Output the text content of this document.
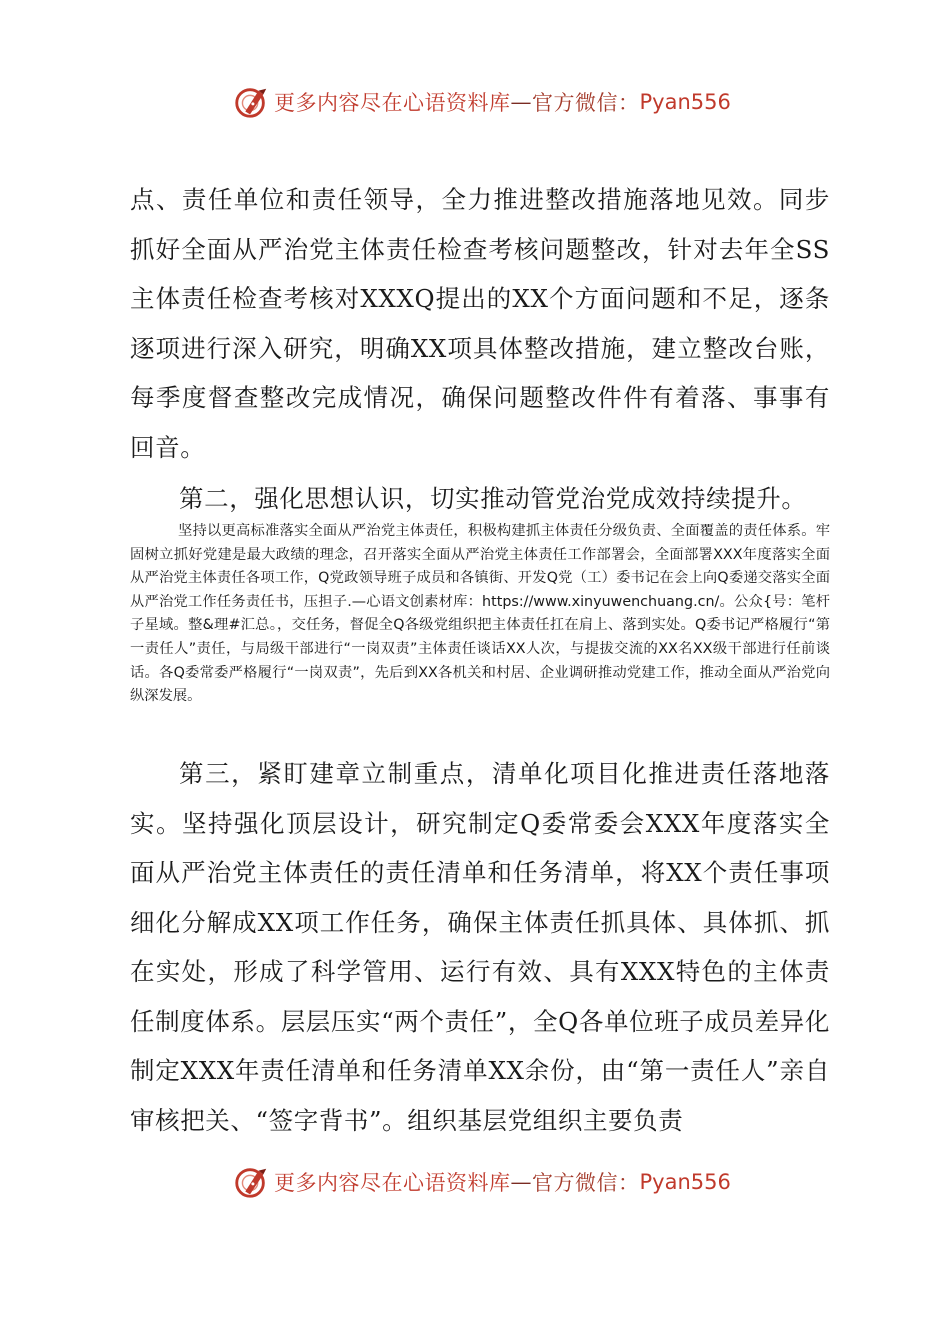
更多内容尽在心语资料库 — 官方微信： Pyan556

点、责任单位和责任领导，全力推进整改措施落地见效。同步抓好全面从严治党主体责任检查考核问题整改，针对去年全SS主体责任检查考核对XXXQ提出的XX个方面问题和不足，逐条逐项进行深入研究，明确XX项具体整改措施，建立整改台账，每季度督查整改完成情况，确保问题整改件件有着落、事事有回音。

第二，强化思想认识，切实推动管党治党成效持续提升。

坚持以更高标准落实全面从严治党主体责任，积极构建抓主体责任分级负责、全面覆盖的责任体系。牢固树立抓好党建是最大政绩的理念，召开落实全面从严治党主体责任工作部署会，全面部署XXX年度落实全面从严治党主体责任各项工作，Q党政领导班子成员和各镇街、开发Q党（工）委书记在会上向Q委递交落实全面从严治党工作任务责任书，压担子.—心语文创素材库：https://www.xinyuwenchuang.cn/。公众{号：笔杆子星域。整&理#汇总。，交任务，督促全Q各级党组织把主体责任扛在肩上、落到实处。Q委书记严格履行“第一责任人”责任，与局级干部进行“一岗双责”主体责任谈话XX人次，与提拔交流的XX名XX级干部进行任前谈话。各Q委常委严格履行“一岗双责”，先后到XX各机关和村居、企业调研推动党建工作，推动全面从严治党向纵深发展。

第三，紧盯建章立制重点，清单化项目化推进责任落地落实。坚持强化顶层设计，研究制定Q委常委会XXX年度落实全面从严治党主体责任的责任清单和任务清单，将XX个责任事项细化分解成XX项工作任务，确保主体责任抓具体、具体抓、抓在实处，形成了科学管用、运行有效、具有XXX特色的主体责任制度体系。层层压实“两个责任”，全Q各单位班子成员差异化制定XXX年责任清单和任务清单XX余份，由“第一责任人”亲自审核把关、“签字背书”。组织基层党组织主要负责

更多内容尽在心语资料库 — 官方微信： Pyan556
